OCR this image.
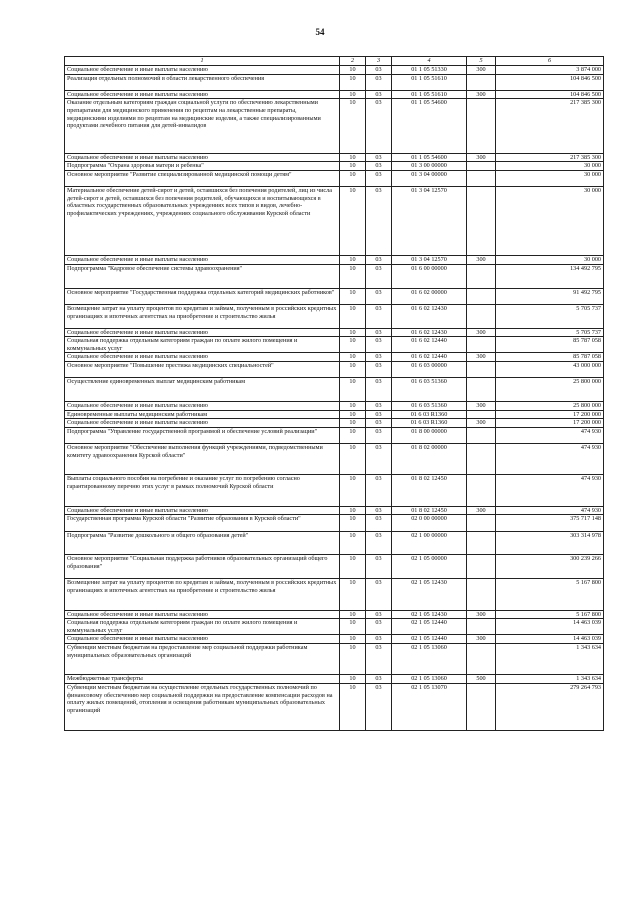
54
1	2	3	4	5	6
Социальное обеспечение и иные выплаты населению	10	03	01 1 05 51330	300	3 874 000
Реализация отдельных полномочий в области лекарственного обеспечения	10	03	01 1 05 51610		104 846 500
Социальное обеспечение и иные выплаты населению	10	03	01 1 05 51610	300	104 846 500
Оказание отдельным категориям граждан социальной услуги по обеспечению лекарственными препаратами для медицинского применения по рецептам на лекарственные препараты, медицинскими изделиями по рецептам на медицинские изделия, а также специализированными продуктами лечебного питания для детей-инвалидов	10	03	01 1 05 54600		217 385 300
Социальное обеспечение и иные выплаты населению	10	03	01 1 05 54600	300	217 385 300
Подпрограмма "Охрана здоровья матери и ребенка"	10	03	01 3 00 00000		30 000
Основное мероприятие "Развитие специализированной медицинской помощи детям"	10	03	01 3 04 00000		30 000
Материальное обеспечение детей-сирот и детей, оставшихся без попечения родителей, лиц из числа детей-сирот и детей, оставшихся без попечения родителей, обучающихся и воспитывающихся в областных государственных образовательных учреждениях всех типов и видов, лечебно-профилактических учреждениях, учреждениях социального обслуживания Курской области	10	03	01 3 04 12570		30 000
Социальное обеспечение и иные выплаты населению	10	03	01 3 04 12570	300	30 000
Подпрограмма "Кадровое обеспечение системы здравоохранения"	10	03	01 6 00 00000		134 492 795
Основное мероприятие "Государственная поддержка отдельных категорий медицинских работников"	10	03	01 6 02 00000		91 492 795
Возмещение затрат на уплату процентов по кредитам и займам, полученным в российских кредитных организациях и ипотечных агентствах на приобретение и строительство жилья	10	03	01 6 02 12430		5 705 737
Социальное обеспечение и иные выплаты населению	10	03	01 6 02 12430	300	5 705 737
Социальная поддержка отдельным категориям граждан по оплате жилого помещения и коммунальных услуг	10	03	01 6 02 12440		85 787 058
Социальное обеспечение и иные выплаты населению	10	03	01 6 02 12440	300	85 787 058
Основное мероприятие "Повышение престижа медицинских специальностей"	10	03	01 6 03 00000		43 000 000
Осуществление единовременных выплат медицинским работникам	10	03	01 6 03 51360		25 800 000
Социальное обеспечение и иные выплаты населению	10	03	01 6 03 51360	300	25 800 000
Единовременные выплаты медицинским работникам	10	03	01 6 03 R1360		17 200 000
Социальное обеспечение и иные выплаты населению	10	03	01 6 03 R1360	300	17 200 000
Подпрограмма "Управление государственной программой и обеспечение условий реализации"	10	03	01 8 00 00000		474 930
Основное мероприятие "Обеспечение выполнения функций учреждениями, подведомственными комитету здравоохранения Курской области"	10	03	01 8 02 00000		474 930
Выплаты социального пособия на погребение и оказание услуг по погребению согласно гарантированному перечню этих услуг в рамках полномочий Курской области	10	03	01 8 02 12450		474 930
Социальное обеспечение и иные выплаты населению	10	03	01 8 02 12450	300	474 930
Государственная программа Курской области "Развитие образования в Курской области"	10	03	02 0 00 00000		375 717 148
Подпрограмма "Развитие дошкольного и общего образования детей"	10	03	02 1 00 00000		303 314 978
Основное мероприятие "Социальная поддержка работников образовательных организаций общего образования"	10	03	02 1 05 00000		300 239 266
Возмещение затрат на уплату процентов по кредитам и займам, полученным в российских кредитных организациях и ипотечных агентствах на приобретение и строительство жилья	10	03	02 1 05 12430		5 167 800
Социальное обеспечение и иные выплаты населению	10	03	02 1 05 12430	300	5 167 800
Социальная поддержка отдельным категориям граждан по оплате жилого помещения и коммунальных услуг	10	03	02 1 05 12440		14 463 039
Социальное обеспечение и иные выплаты населению	10	03	02 1 05 12440	300	14 463 039
Субвенции местным бюджетам на предоставление мер социальной поддержки работникам муниципальных образовательных организаций	10	03	02 1 05 13060		1 343 634
Межбюджетные трансферты	10	03	02 1 05 13060	500	1 343 634
Субвенции местным бюджетам на осуществление отдельных государственных полномочий по финансовому обеспечению мер социальной поддержки на предоставление компенсации расходов на оплату жилых помещений, отопления и освещения работникам муниципальных образовательных организаций	10	03	02 1 05 13070		279 264 793
